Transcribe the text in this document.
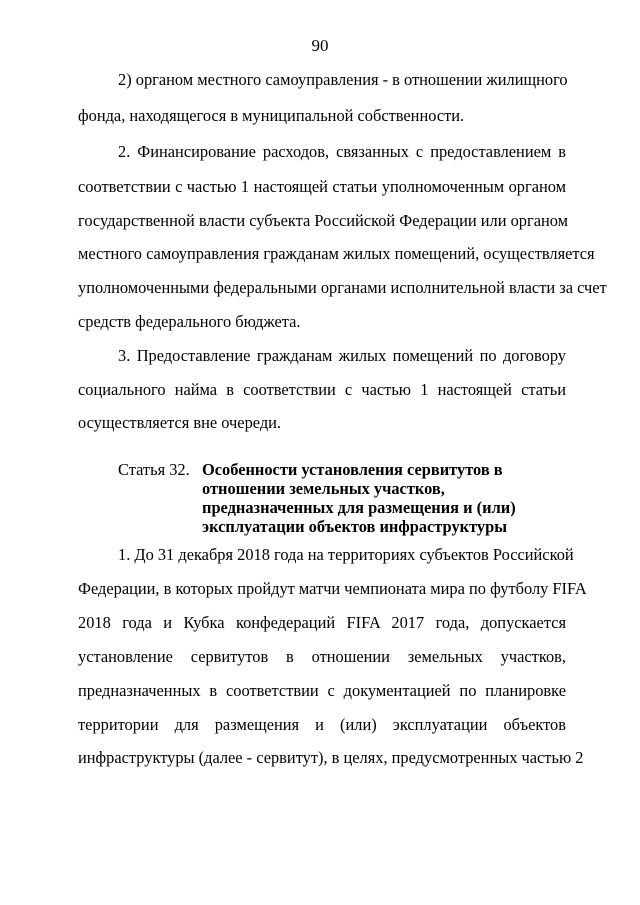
90
2) органом местного самоуправления - в отношении жилищного
фонда, находящегося в муниципальной собственности.
2. Финансирование расходов, связанных с предоставлением в
соответствии с частью 1 настоящей статьи уполномоченным органом
государственной власти субъекта Российской Федерации или органом
местного самоуправления гражданам жилых помещений, осуществляется
уполномоченными федеральными органами исполнительной власти за счет
средств федерального бюджета.
3. Предоставление гражданам жилых помещений по договору
социального найма в соответствии с частью 1 настоящей статьи
осуществляется вне очереди.
Статья 32. Особенности установления сервитутов в отношении земельных участков, предназначенных для размещения и (или) эксплуатации объектов инфраструктуры
1. До 31 декабря 2018 года на территориях субъектов Российской
Федерации, в которых пройдут матчи чемпионата мира по футболу FIFA
2018 года и Кубка конфедераций FIFA 2017 года, допускается
установление сервитутов в отношении земельных участков,
предназначенных в соответствии с документацией по планировке
территории для размещения и (или) эксплуатации объектов
инфраструктуры (далее - сервитут), в целях, предусмотренных частью 2
